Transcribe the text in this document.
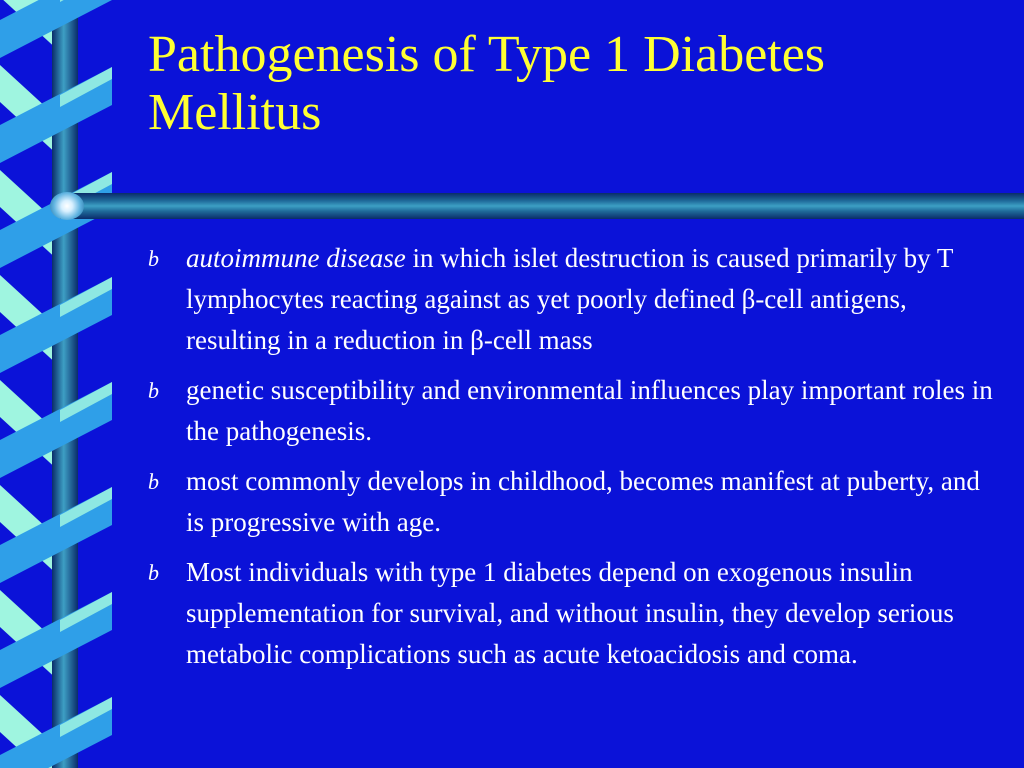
Pathogenesis of Type 1 Diabetes Mellitus
b autoimmune disease in which islet destruction is caused primarily by T lymphocytes reacting against as yet poorly defined β-cell antigens, resulting in a reduction in β-cell mass
b genetic susceptibility and environmental influences play important roles in the pathogenesis.
b most commonly develops in childhood, becomes manifest at puberty, and is progressive with age.
b Most individuals with type 1 diabetes depend on exogenous insulin supplementation for survival, and without insulin, they develop serious metabolic complications such as acute ketoacidosis and coma.
